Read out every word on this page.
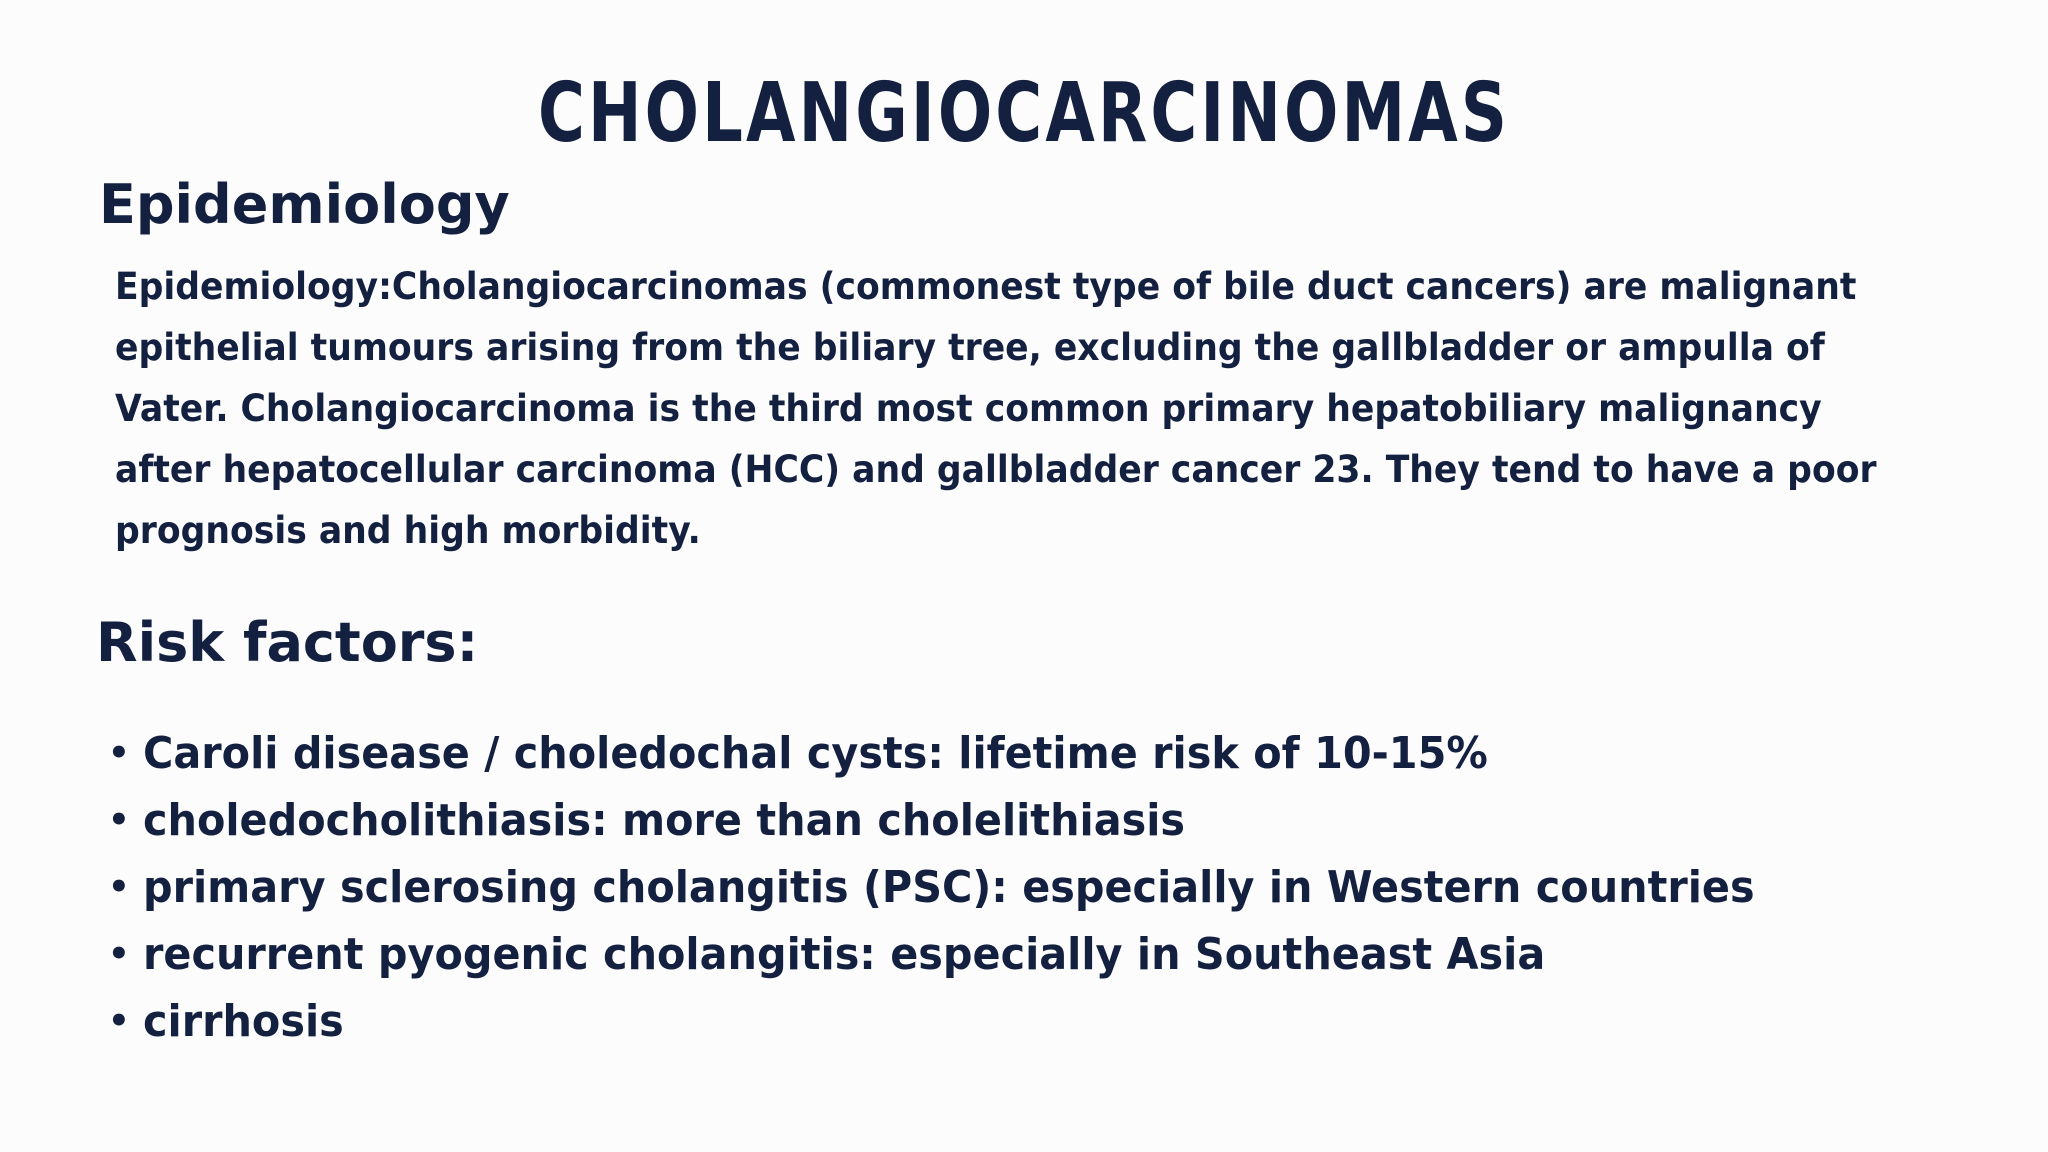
CHOLANGIOCARCINOMAS
Epidemiology

Epidemiology:Cholangiocarcinomas (commonest type of bile duct cancers) are malignant
epithelial tumours arising from the biliary tree, excluding the gallbladder or ampulla of
Vater. Cholangiocarcinoma is the third most common primary hepatobiliary malignancy
after hepatocellular carcinoma (HCC) and gallbladder cancer 23. They tend to have a poor
prognosis and high morbidity.

Risk factors:
• Caroli disease / choledochal cysts: lifetime risk of 10-15%
• choledocholithiasis: more than cholelithiasis
• primary sclerosing cholangitis (PSC): especially in Western countries
• recurrent pyogenic cholangitis: especially in Southeast Asia
• cirrhosis
